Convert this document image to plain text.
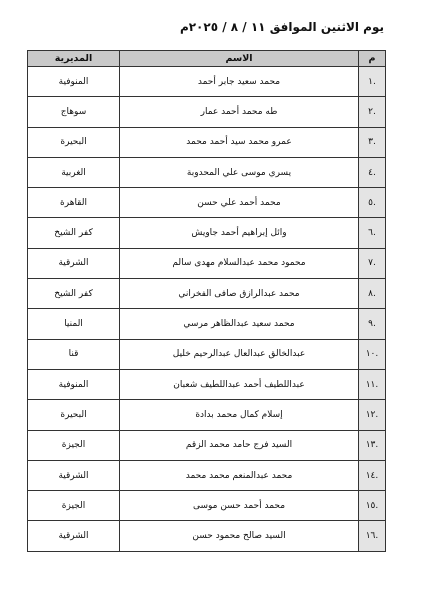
يوم الاثنين الموافق ١١ / ٨ / ٢٠٢٥م
م	الاسم	المديرية
.١	محمد سعيد جابر أحمد	المنوفية
.٢	طه محمد أحمد عمار	سوهاج
.٣	عمرو محمد سيد أحمد محمد	البحيرة
.٤	يسري موسى علي المحدوبة	الغربية
.٥	محمد أحمد علي حسن	القاهرة
.٦	وائل إبراهيم أحمد جاويش	كفر الشيخ
.٧	محمود محمد عبدالسلام مهدى سالم	الشرقية
.٨	محمد عبدالرازق صافى الفخراني	كفر الشيخ
.٩	محمد سعيد عبدالظاهر مرسي	المنيا
.١٠	عبدالخالق عبدالعال عبدالرحيم خليل	قنا
.١١	عبداللطيف أحمد عبداللطيف شعبان	المنوفية
.١٢	إسلام كمال محمد بدادة	البحيرة
.١٣	السيد فرج حامد محمد الزقم	الجيزة
.١٤	محمد عبدالمنعم محمد محمد	الشرقية
.١٥	محمد أحمد حسن موسى	الجيزة
.١٦	السيد صالح محمود حسن	الشرقية
